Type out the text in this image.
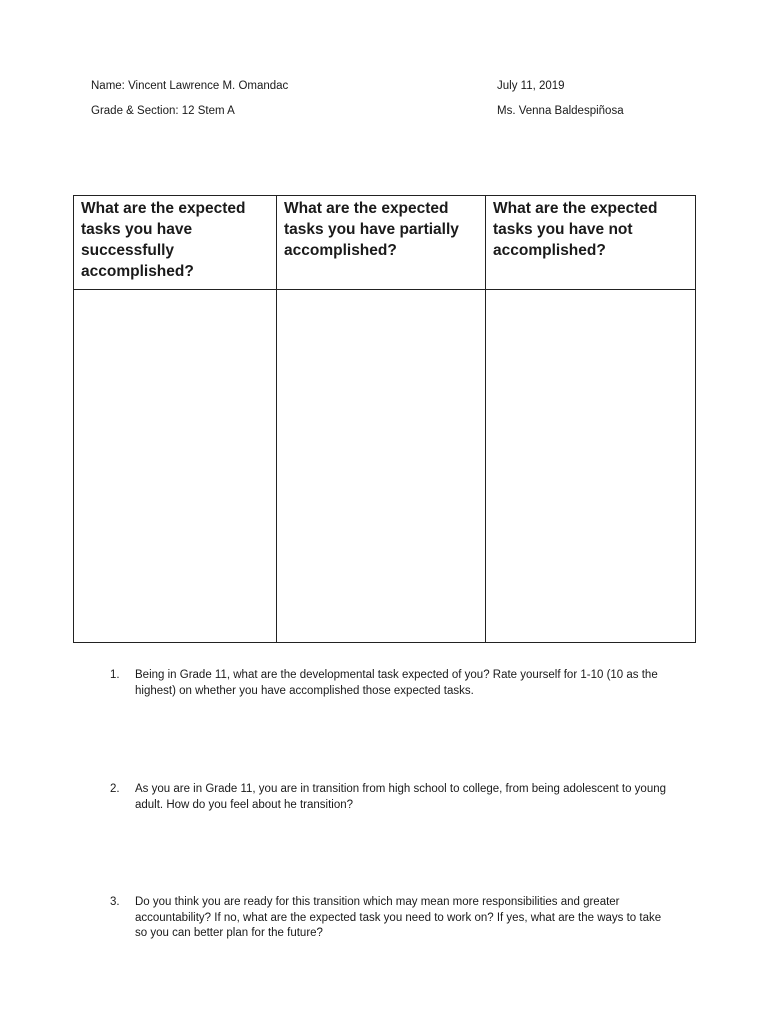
Name: Vincent Lawrence M. Omandac
Grade & Section: 12 Stem A
July 11, 2019
Ms. Venna Baldespiñosa
What are the expected tasks you have successfully accomplished?	What are the expected tasks you have partially accomplished?	What are the expected tasks you have not accomplished?

1. Being in Grade 11, what are the developmental task expected of you? Rate yourself for 1-10 (10 as the highest) on whether you have accomplished those expected tasks.
2. As you are in Grade 11, you are in transition from high school to college, from being adolescent to young adult. How do you feel about he transition?
3. Do you think you are ready for this transition which may mean more responsibilities and greater accountability? If no, what are the expected task you need to work on? If yes, what are the ways to take so you can better plan for the future?
